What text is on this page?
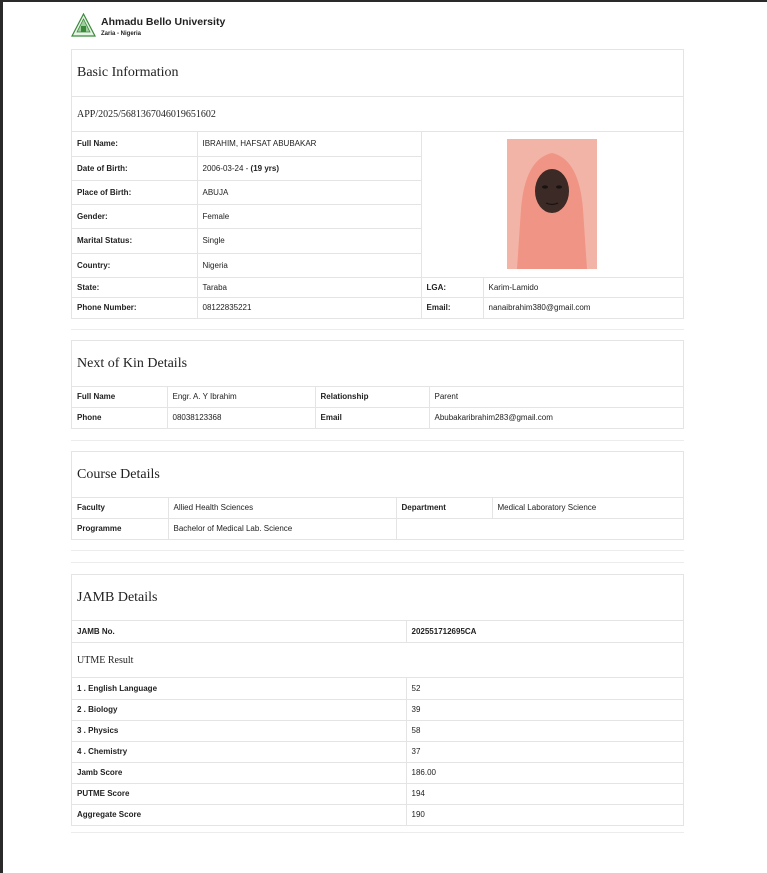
Ahmadu Bello University
Zaria - Nigeria
Basic Information
APP/2025/568136704601965160​2
Full Name:	IBRAHIM, HAFSAT ABUBAKAR	

Date of Birth:	2006-03-24 - (19 yrs)		
Place of Birth:	ABUJA		
Gender:	Female		
Marital Status:	Single		
Country:	Nigeria		
State:	Taraba	LGA:	Karim-Lamido
Phone Number:	08122835221	Email:	nanaibrahim380@gmail.com
Next of Kin Details
Full Name	Engr. A. Y Ibrahim	Relationship	Parent
Phone	08038123368	Email	Abubakaribrahim283@gmail.com
Course Details
Faculty	Allied Health Sciences	Department	Medical Laboratory Science
Programme	Bachelor of Medical Lab. Science		
JAMB Details
JAMB No.	202551712695CA
UTME Result
1 . English Language	52
2 . Biology	39
3 . Physics	58
4 . Chemistry	37
Jamb Score	186.00
PUTME Score	194
Aggregate Score	190
